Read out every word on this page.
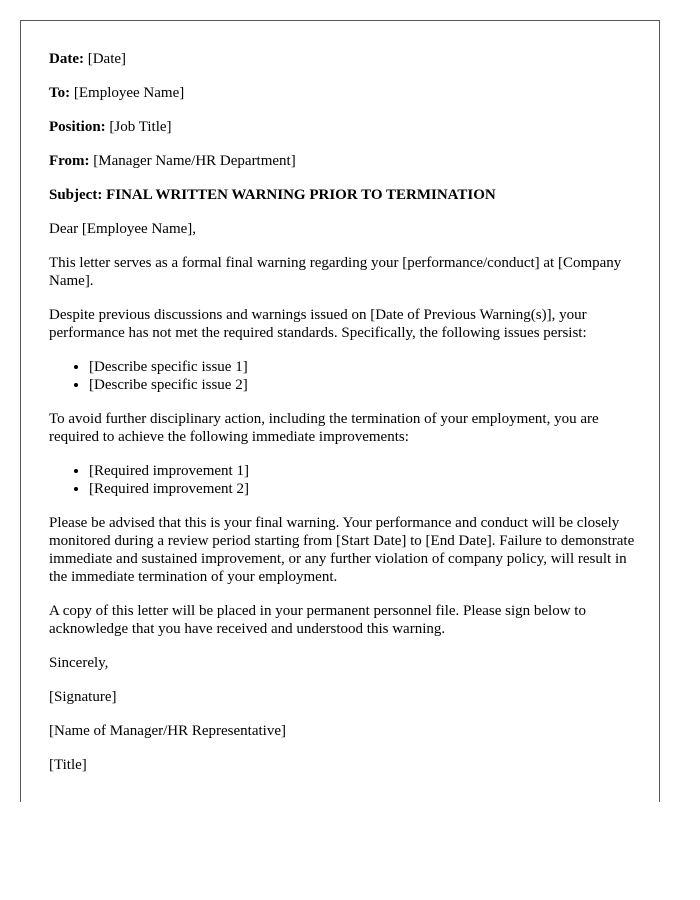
Date: [Date]

To: [Employee Name]

Position: [Job Title]

From: [Manager Name/HR Department]

Subject: FINAL WRITTEN WARNING PRIOR TO TERMINATION

Dear [Employee Name],

This letter serves as a formal final warning regarding your [performance/conduct] at [Company Name].

Despite previous discussions and warnings issued on [Date of Previous Warning(s)], your performance has not met the required standards. Specifically, the following issues persist:

• [Describe specific issue 1]
• [Describe specific issue 2]

To avoid further disciplinary action, including the termination of your employment, you are required to achieve the following immediate improvements:

• [Required improvement 1]
• [Required improvement 2]

Please be advised that this is your final warning. Your performance and conduct will be closely monitored during a review period starting from [Start Date] to [End Date]. Failure to demonstrate immediate and sustained improvement, or any further violation of company policy, will result in the immediate termination of your employment.

A copy of this letter will be placed in your permanent personnel file. Please sign below to acknowledge that you have received and understood this warning.

Sincerely,

[Signature]

[Name of Manager/HR Representative]

[Title]
